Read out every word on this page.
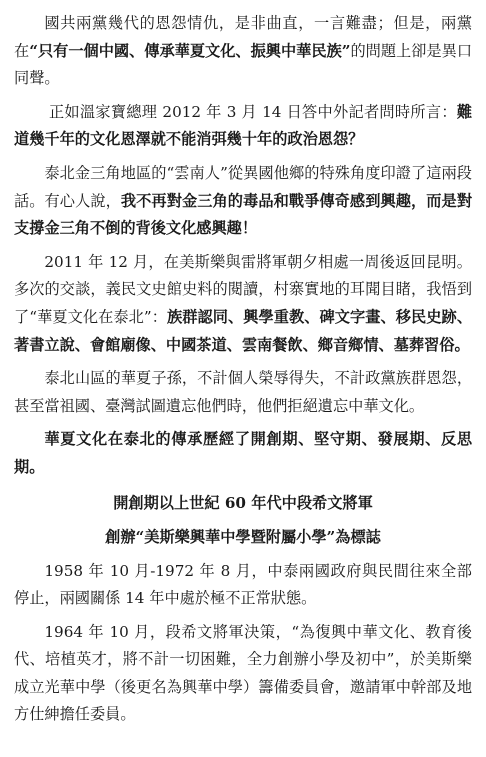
國共兩黨幾代的恩怨情仇，是非曲直，一言難盡；但是，兩黨在“只有一個中國、傳承華夏文化、振興中華民族”的問題上卻是異口同聲。

正如溫家寶總理 2012 年 3 月 14 日答中外記者問時所言：難道幾千年的文化恩澤就不能消弭幾十年的政治恩怨？

泰北金三角地區的“雲南人”從異國他鄉的特殊角度印證了這兩段話。有心人說，我不再對金三角的毒品和戰爭傳奇感到興趣，而是對支撐金三角不倒的背後文化感興趣！

2011 年 12 月，在美斯樂與雷將軍朝夕相處一周後返回昆明。多次的交談，義民文史館史料的閱讀，村寨實地的耳聞目睹，我悟到了“華夏文化在泰北”：族群認同、興學重教、碑文字畫、移民史跡、著書立說、會館廟像、中國茶道、雲南餐飲、鄉音鄉情、墓葬習俗。

泰北山區的華夏子孫，不計個人榮辱得失，不計政黨族群恩怨，甚至當祖國、臺灣試圖遺忘他們時，他們拒絕遺忘中華文化。

華夏文化在泰北的傳承歷經了開創期、堅守期、發展期、反思期。

開創期以上世紀 60 年代中段希文將軍

創辦“美斯樂興華中學暨附屬小學”為標誌

1958 年 10 月-1972 年 8 月，中泰兩國政府與民間往來全部停止，兩國關係 14 年中處於極不正常狀態。

1964 年 10 月，段希文將軍決策，“為復興中華文化、教育後代、培植英才，將不計一切困難，全力創辦小學及初中”，於美斯樂成立光華中學（後更名為興華中學）籌備委員會，邀請軍中幹部及地方仕紳擔任委員。
